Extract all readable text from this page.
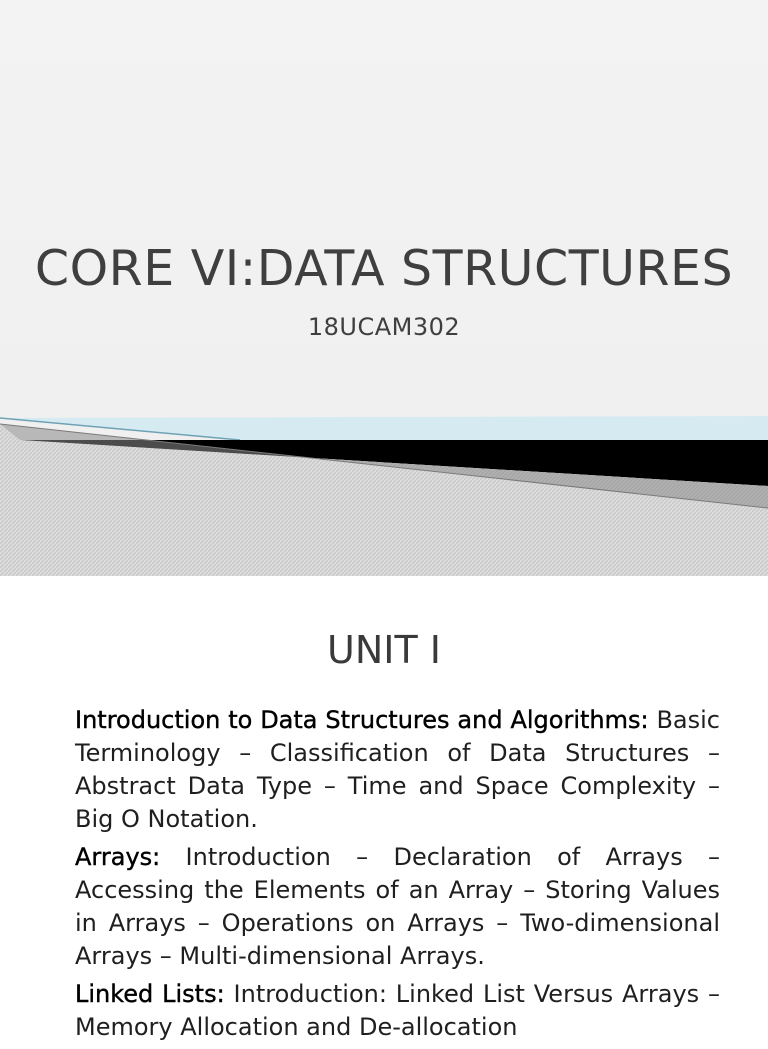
CORE VI:DATA STRUCTURES
18UCAM302
UNIT I

Introduction to Data Structures and Algorithms: Basic Terminology – Classification of Data Structures – Abstract Data Type – Time and Space Complexity – Big O Notation.

Arrays: Introduction – Declaration of Arrays – Accessing the Elements of an Array – Storing Values in Arrays – Operations on Arrays – Two-dimensional Arrays – Multi-dimensional Arrays.

Linked Lists: Introduction: Linked List Versus Arrays – Memory Allocation and De-allocation
